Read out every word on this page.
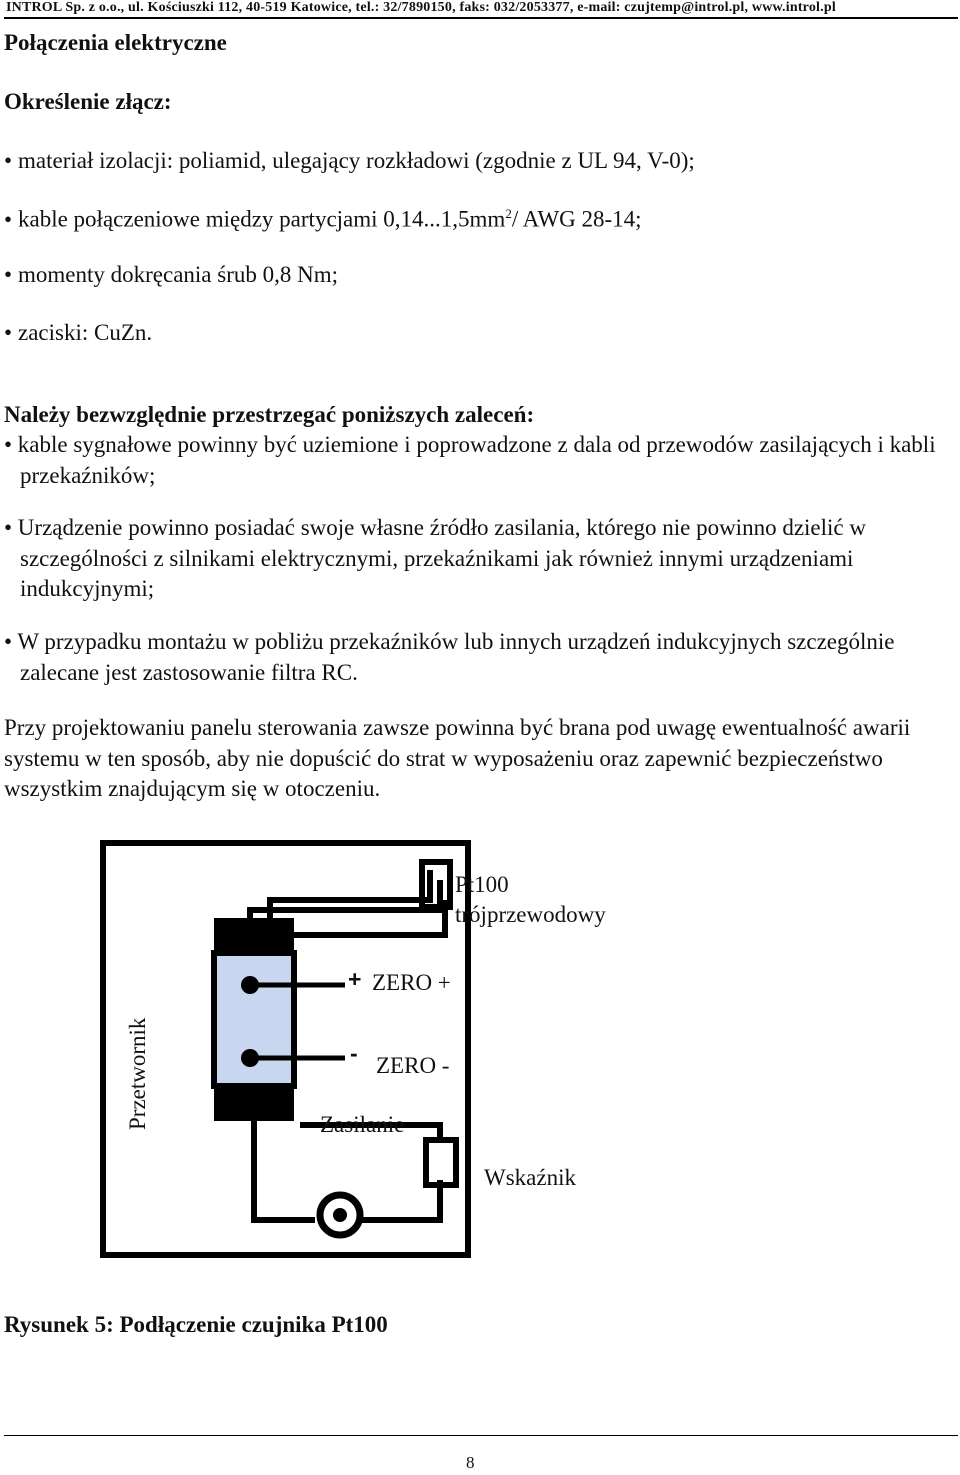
INTROL Sp. z o.o., ul. Kościuszki 112, 40-519 Katowice, tel.: 32/7890150, faks: 032/2053377, e-mail: czujtemp@introl.pl, www.introl.pl
Połączenia elektryczne
Określenie złącz:
• materiał izolacji: poliamid, ulegający rozkładowi (zgodnie z UL 94, V-0);
• kable połączeniowe między partycjami $0,14...1,5mm^2/$ AWG 28-14;
• momenty dokręcania śrub 0,8 Nm;
• zaciski: CuZn.
Należy bezwzględnie przestrzegać poniższych zaleceń:
• kable sygnałowe powinny być uziemione i poprowadzone z dala od przewodów zasilających i kabli przekaźników;
• Urządzenie powinno posiadać swoje własne źródło zasilania, którego nie powinno dzielić w szczególności z silnikami elektrycznymi, przekaźnikami jak również innymi urządzeniami indukcyjnymi;
• W przypadku montażu w pobliżu przekaźników lub innych urządzeń indukcyjnych szczególnie zalecane jest zastosowanie filtra RC.
Przy projektowaniu panelu sterowania zawsze powinna być brana pod uwagę ewentualność awarii systemu w ten sposób, aby nie dopuścić do strat w wyposażeniu oraz zapewnić bezpieczeństwo wszystkim znajdującym się w otoczeniu.
Pt100
trójprzewodowy
+ ZERO +
- ZERO -
Zasilanie
Wskaźnik
Przetwornik
Rysunek 5: Podłączenie czujnika Pt100
8
